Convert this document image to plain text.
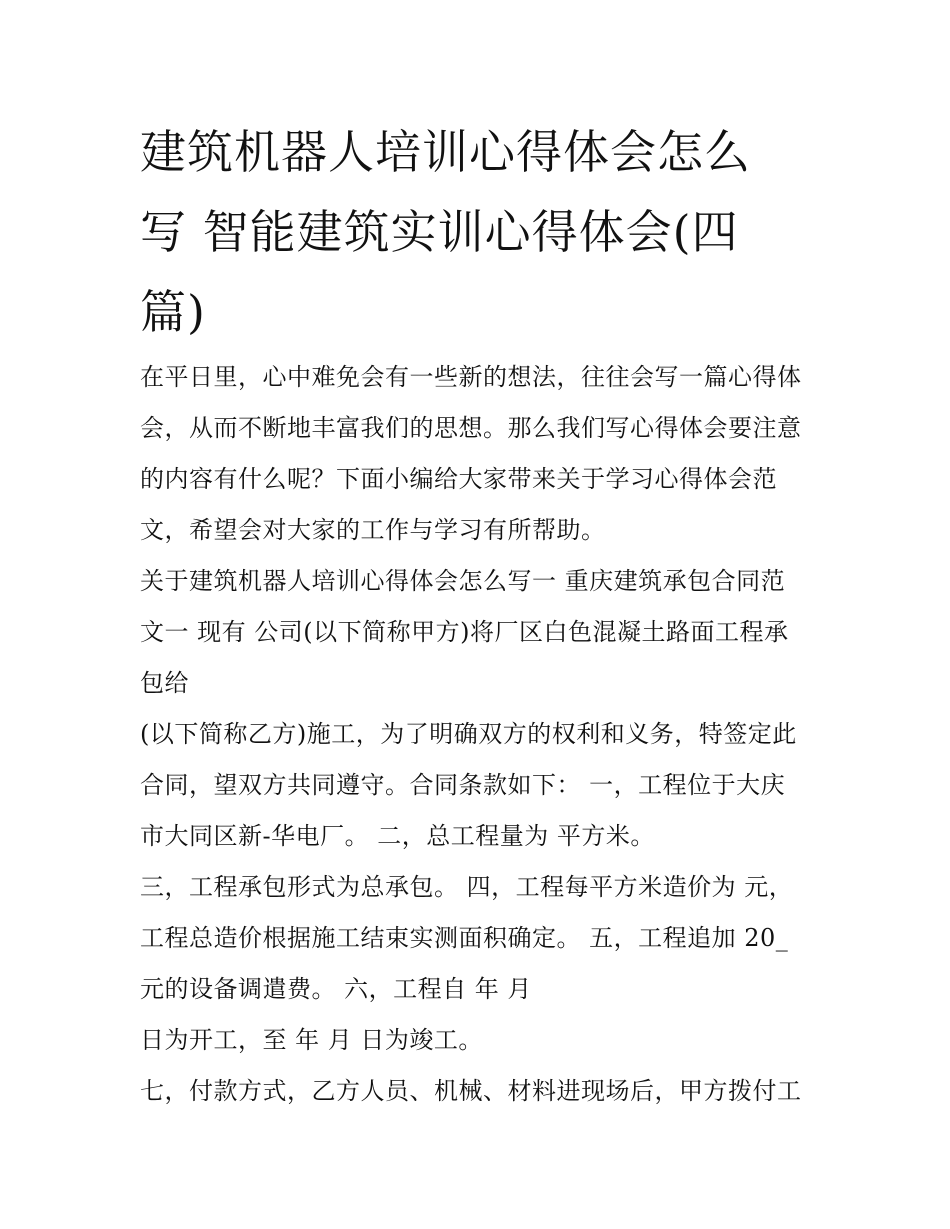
建筑机器人培训心得体会怎么
写 智能建筑实训心得体会(四
篇)
在平日里，心中难免会有一些新的想法，往往会写一篇心得体
会，从而不断地丰富我们的思想。那么我们写心得体会要注意
的内容有什么呢？下面小编给大家带来关于学习心得体会范
文，希望会对大家的工作与学习有所帮助。
关于建筑机器人培训心得体会怎么写一 重庆建筑承包合同范
文一 现有 公司(以下简称甲方)将厂区白色混凝土路面工程承
包给
(以下简称乙方)施工，为了明确双方的权利和义务，特签定此
合同，望双方共同遵守。合同条款如下： 一，工程位于大庆
市大同区新-华电厂。 二，总工程量为 平方米。
三，工程承包形式为总承包。 四，工程每平方米造价为 元，
工程总造价根据施工结束实测面积确定。 五，工程追加 20_
元的设备调遣费。 六，工程自 年 月
日为开工，至 年 月 日为竣工。
七，付款方式，乙方人员、机械、材料进现场后，甲方拨付工
